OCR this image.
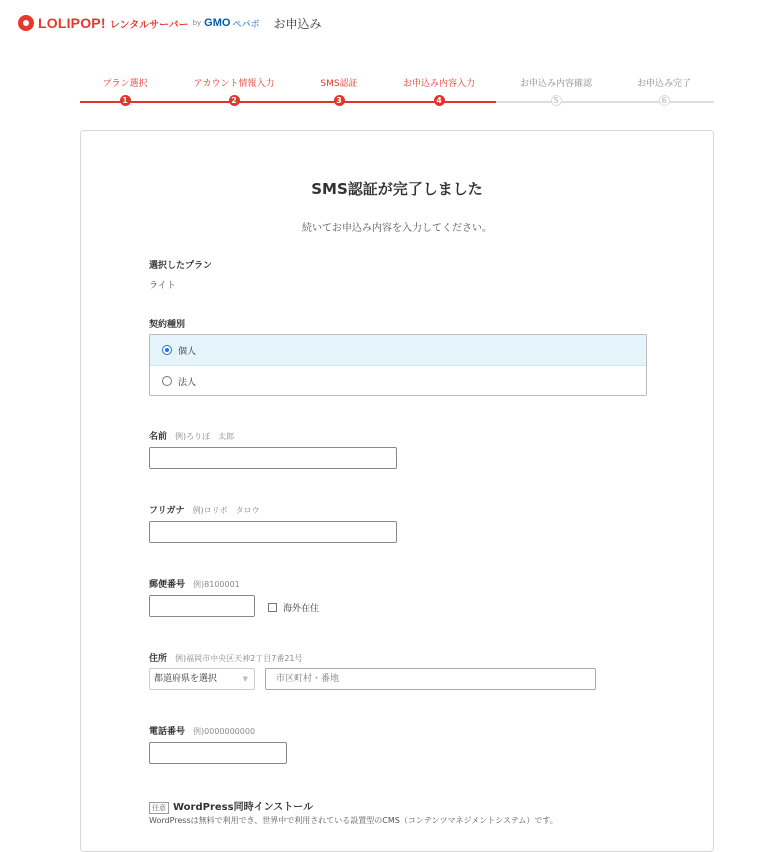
LOLIPOP! レンタルサーバー by GMO ペパボ お申込み
プラン選択
1
アカウント情報入力
2
SMS認証
3
お申込み内容入力
4
お申込み内容確認
5
お申込み完了
6
SMS認証が完了しました
続いてお申込み内容を入力してください。
選択したプラン
ライト
契約種別
個人
法人
名前 例)ろりぽ　太郎
フリガナ 例)ロリポ　タロウ
郵便番号 例)8100001
海外在住
住所 例)福岡市中央区天神2丁目7番21号
都道府県を選択	▼	市区町村・番地
電話番号 例)0000000000
任意 WordPress同時インストール
WordPressは無料で利用でき、世界中で利用されている設置型のCMS（コンテンツマネジメントシステム）です。
